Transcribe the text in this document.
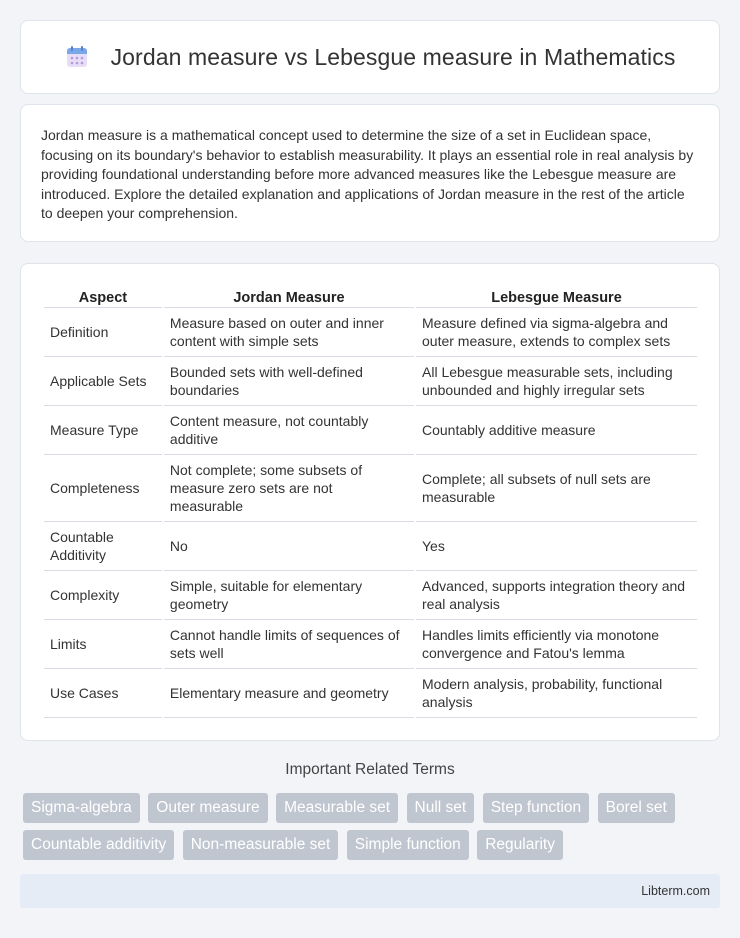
Jordan measure vs Lebesgue measure in Mathematics

Jordan measure is a mathematical concept used to determine the size of a set in Euclidean space, focusing on its boundary's behavior to establish measurability. It plays an essential role in real analysis by providing foundational understanding before more advanced measures like the Lebesgue measure are introduced. Explore the detailed explanation and applications of Jordan measure in the rest of the article to deepen your comprehension.

Aspect	Jordan Measure	Lebesgue Measure
Definition	Measure based on outer and inner content with simple sets	Measure defined via sigma-algebra and outer measure, extends to complex sets
Applicable Sets	Bounded sets with well-defined boundaries	All Lebesgue measurable sets, including unbounded and highly irregular sets
Measure Type	Content measure, not countably additive	Countably additive measure
Completeness	Not complete; some subsets of measure zero sets are not measurable	Complete; all subsets of null sets are measurable
Countable Additivity	No	Yes
Complexity	Simple, suitable for elementary geometry	Advanced, supports integration theory and real analysis
Limits	Cannot handle limits of sequences of sets well	Handles limits efficiently via monotone convergence and Fatou's lemma
Use Cases	Elementary measure and geometry	Modern analysis, probability, functional analysis
Important Related Terms
Sigma-algebra Outer measure Measurable set Null set Step function Borel set
Countable additivity Non-measurable set Simple function Regularity
Libterm.com
